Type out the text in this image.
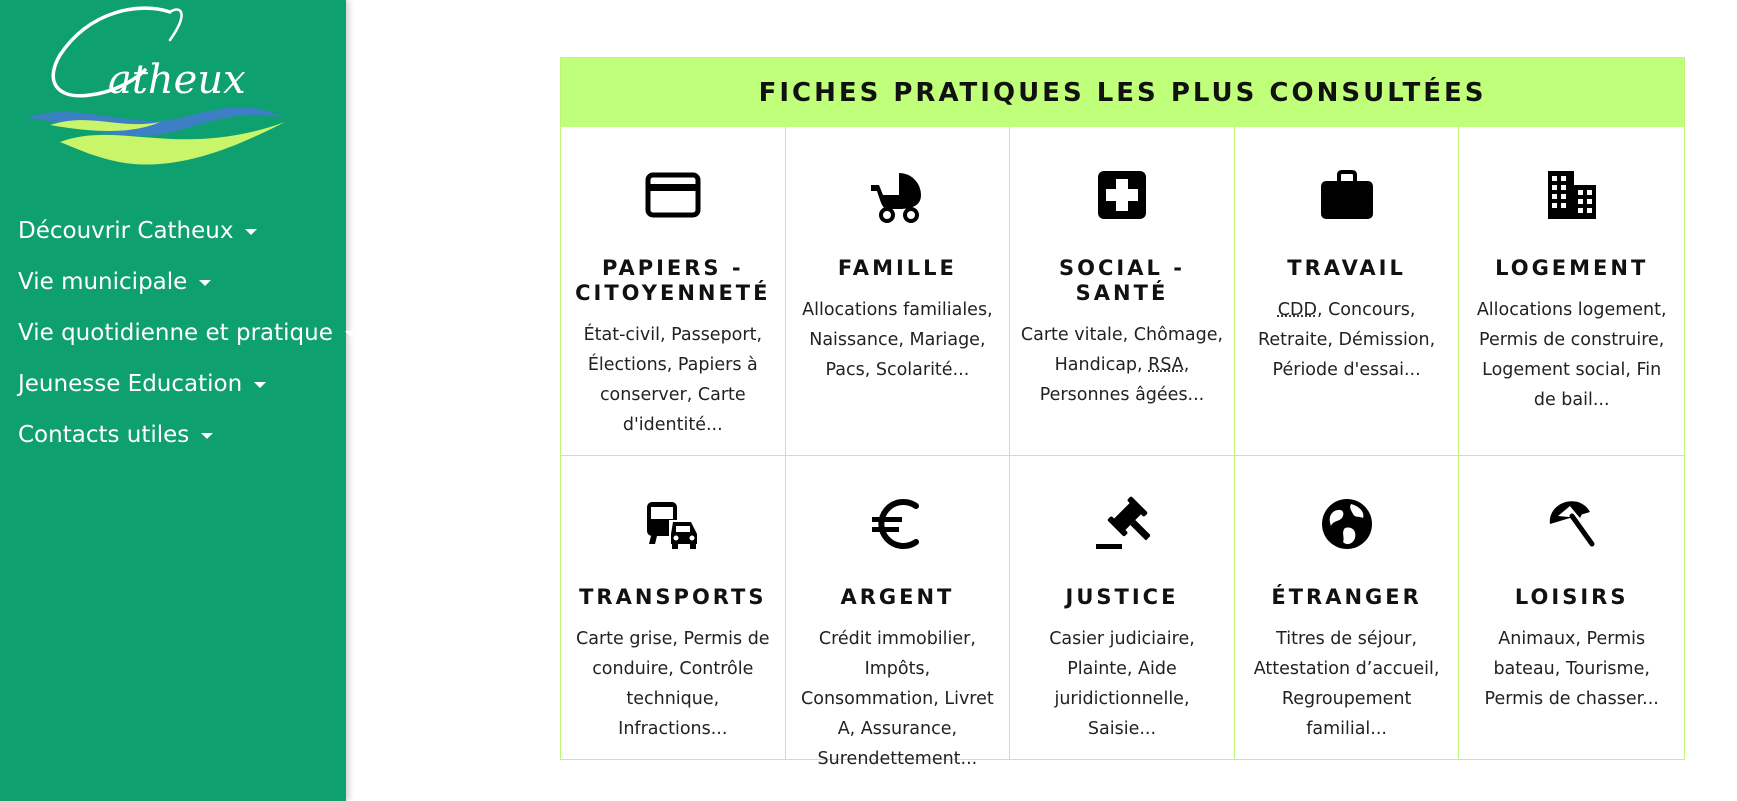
atheux
Découvrir Catheux
Vie municipale
Vie quotidienne et pratique
Jeunesse Education
Contacts utiles
FICHES PRATIQUES LES PLUS CONSULTÉES
PAPIERS - CITOYENNETÉ
État-civil, Passeport, Élections, Papiers à conserver, Carte d'identité...
FAMILLE
Allocations familiales, Naissance, Mariage, Pacs, Scolarité...
SOCIAL - SANTÉ
Carte vitale, Chômage, Handicap, RSA, Personnes âgées...
TRAVAIL
CDD, Concours, Retraite, Démission, Période d'essai...
LOGEMENT
Allocations logement, Permis de construire, Logement social, Fin de bail...
TRANSPORTS
Carte grise, Permis de conduire, Contrôle technique, Infractions...
ARGENT
Crédit immobilier, Impôts, Consommation, Livret A, Assurance, Surendettement...
JUSTICE
Casier judiciaire, Plainte, Aide juridictionnelle, Saisie...
ÉTRANGER
Titres de séjour, Attestation d’accueil, Regroupement familial...
LOISIRS
Animaux, Permis bateau, Tourisme, Permis de chasser...
